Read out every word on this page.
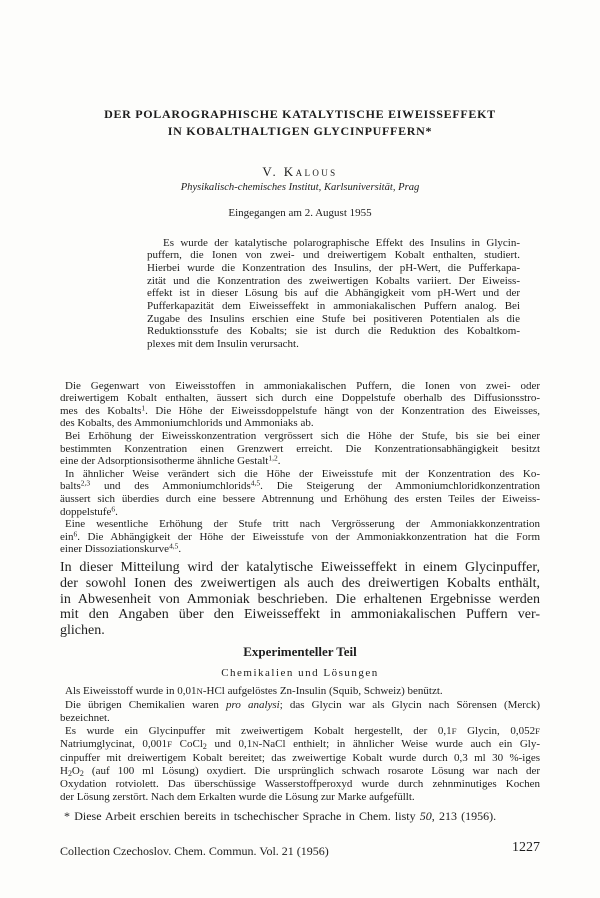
DER POLAROGRAPHISCHE KATALYTISCHE EIWEISSEFFEKT
IN KOBALTHALTIGEN GLYCINPUFFERN*
V. Kalous
Physikalisch-chemisches Institut, Karlsuniversität, Prag
Eingegangen am 2. August 1955
Es wurde der katalytische polarographische Effekt des Insulins in Glycin-
puffern, die Ionen von zwei- und dreiwertigem Kobalt enthalten, studiert.
Hierbei wurde die Konzentration des Insulins, der pH-Wert, die Pufferkapa-
zität und die Konzentration des zweiwertigen Kobalts variiert. Der Eiweiss-
effekt ist in dieser Lösung bis auf die Abhängigkeit vom pH-Wert und der
Pufferkapazität dem Eiweisseffekt in ammoniakalischen Puffern analog. Bei
Zugabe des Insulins erschien eine Stufe bei positiveren Potentialen als die
Reduktionsstufe des Kobalts; sie ist durch die Reduktion des Kobaltkom-
plexes mit dem Insulin verursacht.
Die Gegenwart von Eiweisstoffen in ammoniakalischen Puffern, die Ionen von zwei- oder
dreiwertigem Kobalt enthalten, äussert sich durch eine Doppelstufe oberhalb des Diffusionsstro-
mes des Kobalts$^1$. Die Höhe der Eiweissdoppelstufe hängt von der Konzentration des Eiweisses,
des Kobalts, des Ammoniumchlorids und Ammoniaks ab.
Bei Erhöhung der Eiweisskonzentration vergrössert sich die Höhe der Stufe, bis sie bei einer
bestimmten Konzentration einen Grenzwert erreicht. Die Konzentrationsabhängigkeit besitzt
eine der Adsorptionsisotherme ähnliche Gestalt$^{1,2}$.
In ähnlicher Weise verändert sich die Höhe der Eiweisstufe mit der Konzentration des Ko-
balts$^{2,3}$ und des Ammoniumchlorids$^{4,5}$. Die Steigerung der Ammoniumchloridkonzentration
äussert sich überdies durch eine bessere Abtrennung und Erhöhung des ersten Teiles der Eiweiss-
doppelstufe$^6$.
Eine wesentliche Erhöhung der Stufe tritt nach Vergrösserung der Ammoniakkonzentration
ein$^6$. Die Abhängigkeit der Höhe der Eiweisstufe von der Ammoniakkonzentration hat die Form
einer Dissoziationskurve$^{4,5}$.
In dieser Mitteilung wird der katalytische Eiweisseffekt in einem Glycinpuffer,
der sowohl Ionen des zweiwertigen als auch des dreiwertigen Kobalts enthält,
in Abwesenheit von Ammoniak beschrieben. Die erhaltenen Ergebnisse werden
mit den Angaben über den Eiweisseffekt in ammoniakalischen Puffern ver-
glichen.
Experimenteller Teil
Chemikalien und Lösungen
Als Eiweisstoff wurde in 0,01N-HCl aufgelöstes Zn-Insulin (Squib, Schweiz) benützt.
Die übrigen Chemikalien waren pro analysi; das Glycin war als Glycin nach Sörensen (Merck)
bezeichnet.
Es wurde ein Glycinpuffer mit zweiwertigem Kobalt hergestellt, der 0,1F Glycin, 0,052F
Natriumglycinat, 0,001F CoCl$_2$ und 0,1N-NaCl enthielt; in ähnlicher Weise wurde auch ein Gly-
cinpuffer mit dreiwertigem Kobalt bereitet; das zweiwertige Kobalt wurde durch 0,3 ml 30 %-iges
$H_2O_2$ (auf 100 ml Lösung) oxydiert. Die ursprünglich schwach rosarote Lösung war nach der
Oxydation rotviolett. Das überschüssige Wasserstoffperoxyd wurde durch zehnminutiges Kochen
der Lösung zerstört. Nach dem Erkalten wurde die Lösung zur Marke aufgefüllt.
* Diese Arbeit erschien bereits in tschechischer Sprache in Chem. listy 50, 213 (1956).
Collection Czechoslov. Chem. Commun. Vol. 21 (1956)	1227
